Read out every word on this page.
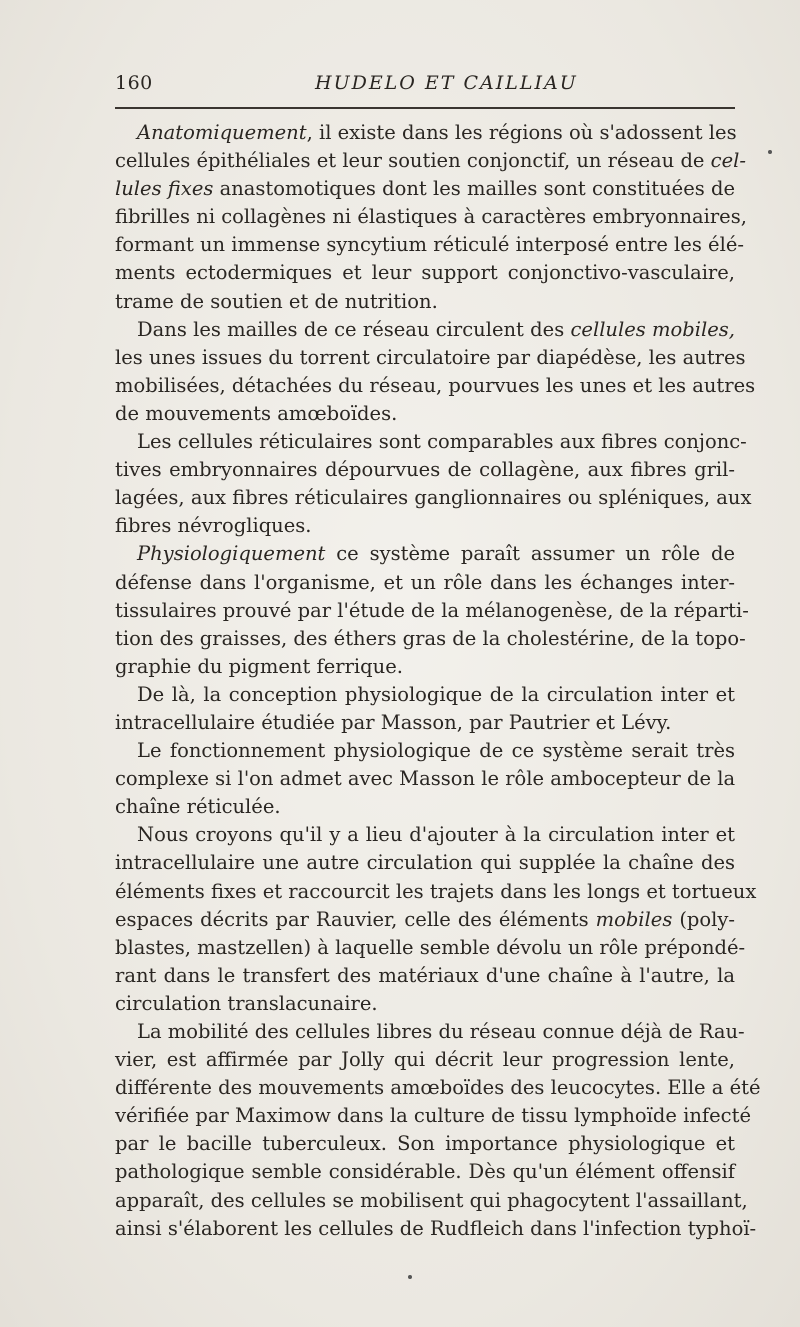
160	HUDELO ET CAILLIAU
Anatomiquement, il existe dans les régions où s'adossent les
cellules épithéliales et leur soutien conjonctif, un réseau de cel-
lules fixes anastomotiques dont les mailles sont constituées de
fibrilles ni collagènes ni élastiques à caractères embryonnaires,
formant un immense syncytium réticulé interposé entre les élé-
ments ectodermiques et leur support conjonctivo-vasculaire,
trame de soutien et de nutrition.
Dans les mailles de ce réseau circulent des cellules mobiles,
les unes issues du torrent circulatoire par diapédèse, les autres
mobilisées, détachées du réseau, pourvues les unes et les autres
de mouvements amœboïdes.
Les cellules réticulaires sont comparables aux fibres conjonc-
tives embryonnaires dépourvues de collagène, aux fibres gril-
lagées, aux fibres réticulaires ganglionnaires ou spléniques, aux
fibres névrogliques.
Physiologiquement ce système paraît assumer un rôle de
défense dans l'organisme, et un rôle dans les échanges inter-
tissulaires prouvé par l'étude de la mélanogenèse, de la réparti-
tion des graisses, des éthers gras de la cholestérine, de la topo-
graphie du pigment ferrique.
De là, la conception physiologique de la circulation inter et
intracellulaire étudiée par Masson, par Pautrier et Lévy.
Le fonctionnement physiologique de ce système serait très
complexe si l'on admet avec Masson le rôle ambocepteur de la
chaîne réticulée.
Nous croyons qu'il y a lieu d'ajouter à la circulation inter et
intracellulaire une autre circulation qui supplée la chaîne des
éléments fixes et raccourcit les trajets dans les longs et tortueux
espaces décrits par Rauvier, celle des éléments mobiles (poly-
blastes, mastzellen) à laquelle semble dévolu un rôle prépondé-
rant dans le transfert des matériaux d'une chaîne à l'autre, la
circulation translacunaire.
La mobilité des cellules libres du réseau connue déjà de Rau-
vier, est affirmée par Jolly qui décrit leur progression lente,
différente des mouvements amœboïdes des leucocytes. Elle a été
vérifiée par Maximow dans la culture de tissu lymphoïde infecté
par le bacille tuberculeux. Son importance physiologique et
pathologique semble considérable. Dès qu'un élément offensif
apparaît, des cellules se mobilisent qui phagocytent l'assaillant,
ainsi s'élaborent les cellules de Rudfleich dans l'infection typhoï-
